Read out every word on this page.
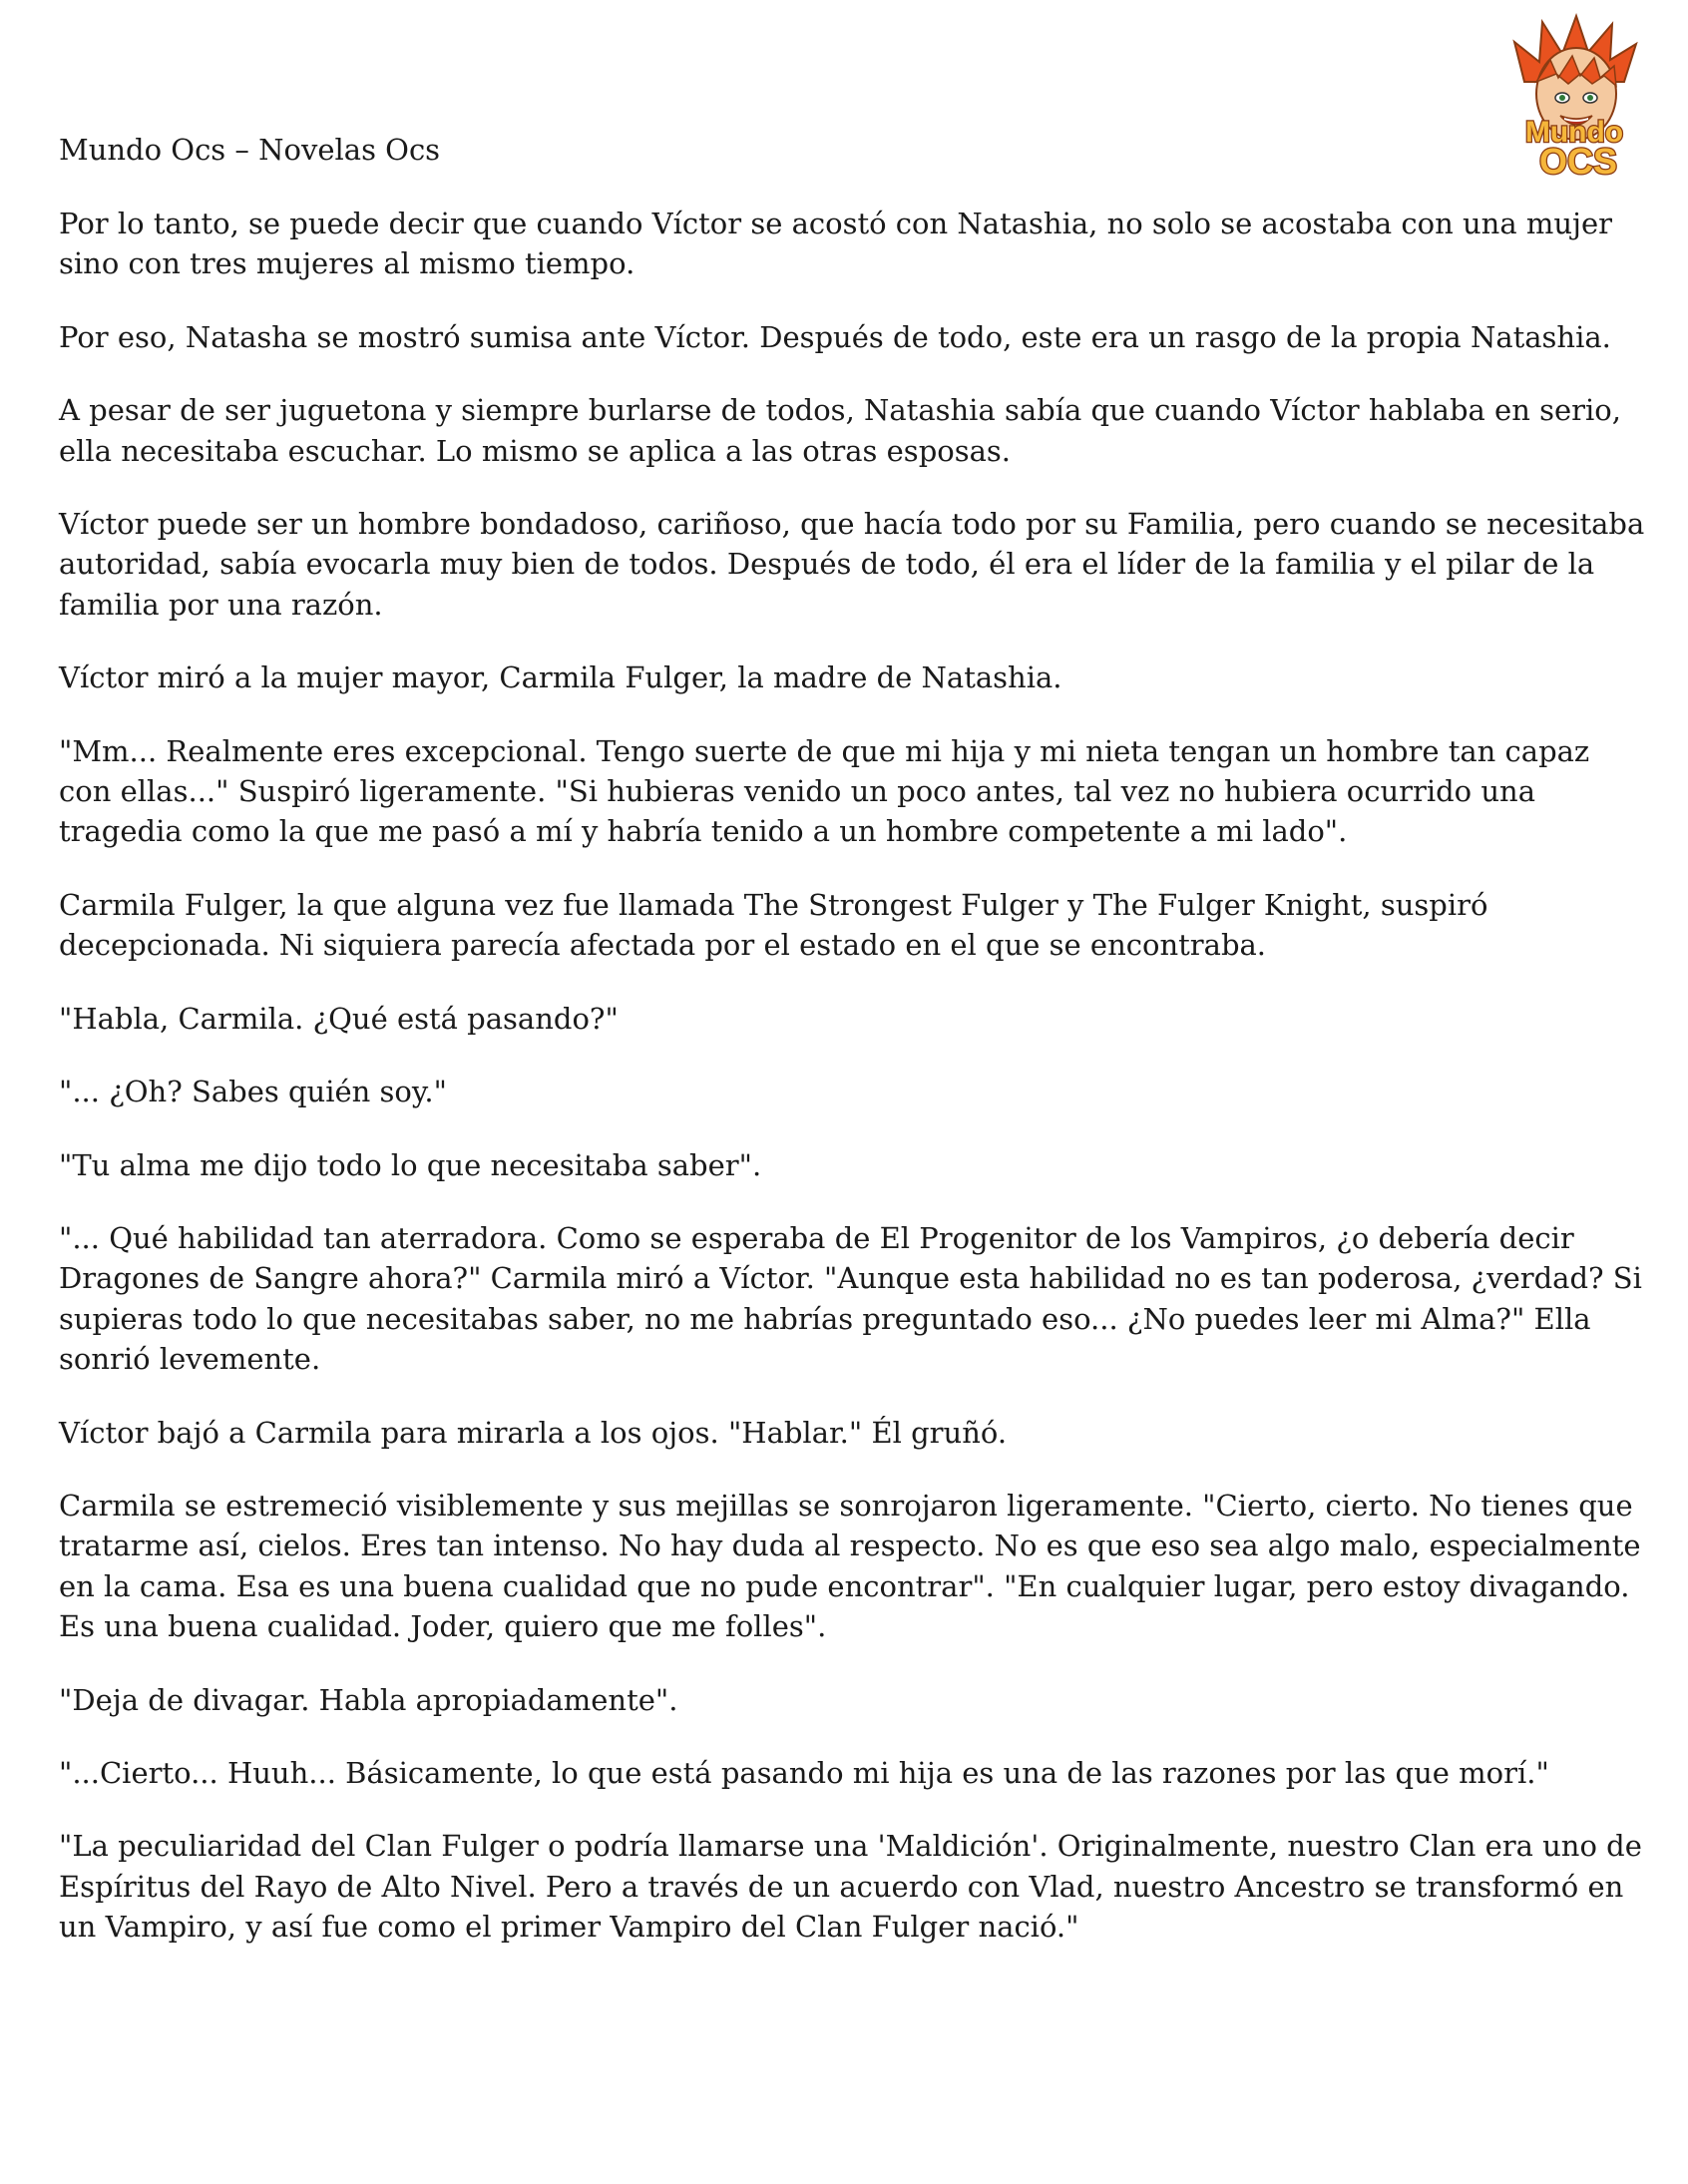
Mundo Ocs – Novelas Ocs
Mundo
OCS

Por lo tanto, se puede decir que cuando Víctor se acostó con Natashia, no solo se acostaba con una mujer sino con tres mujeres al mismo tiempo.

Por eso, Natasha se mostró sumisa ante Víctor. Después de todo, este era un rasgo de la propia Natashia.

A pesar de ser juguetona y siempre burlarse de todos, Natashia sabía que cuando Víctor hablaba en serio, ella necesitaba escuchar. Lo mismo se aplica a las otras esposas.

Víctor puede ser un hombre bondadoso, cariñoso, que hacía todo por su Familia, pero cuando se necesitaba autoridad, sabía evocarla muy bien de todos. Después de todo, él era el líder de la familia y el pilar de la familia por una razón.

Víctor miró a la mujer mayor, Carmila Fulger, la madre de Natashia.

"Mm... Realmente eres excepcional. Tengo suerte de que mi hija y mi nieta tengan un hombre tan capaz con ellas..." Suspiró ligeramente. "Si hubieras venido un poco antes, tal vez no hubiera ocurrido una tragedia como la que me pasó a mí y habría tenido a un hombre competente a mi lado".

Carmila Fulger, la que alguna vez fue llamada The Strongest Fulger y The Fulger Knight, suspiró decepcionada. Ni siquiera parecía afectada por el estado en el que se encontraba.

"Habla, Carmila. ¿Qué está pasando?"

"... ¿Oh? Sabes quién soy."

"Tu alma me dijo todo lo que necesitaba saber".

"... Qué habilidad tan aterradora. Como se esperaba de El Progenitor de los Vampiros, ¿o debería decir Dragones de Sangre ahora?" Carmila miró a Víctor. "Aunque esta habilidad no es tan poderosa, ¿verdad? Si supieras todo lo que necesitabas saber, no me habrías preguntado eso... ¿No puedes leer mi Alma?" Ella sonrió levemente.

Víctor bajó a Carmila para mirarla a los ojos. "Hablar." Él gruñó.

Carmila se estremeció visiblemente y sus mejillas se sonrojaron ligeramente. "Cierto, cierto. No tienes que tratarme así, cielos. Eres tan intenso. No hay duda al respecto. No es que eso sea algo malo, especialmente en la cama. Esa es una buena cualidad que no pude encontrar". "En cualquier lugar, pero estoy divagando. Es una buena cualidad. Joder, quiero que me folles".

"Deja de divagar. Habla apropiadamente".

"...Cierto... Huuh... Básicamente, lo que está pasando mi hija es una de las razones por las que morí."

"La peculiaridad del Clan Fulger o podría llamarse una 'Maldición'. Originalmente, nuestro Clan era uno de Espíritus del Rayo de Alto Nivel. Pero a través de un acuerdo con Vlad, nuestro Ancestro se transformó en un Vampiro, y así fue como el primer Vampiro del Clan Fulger nació."
